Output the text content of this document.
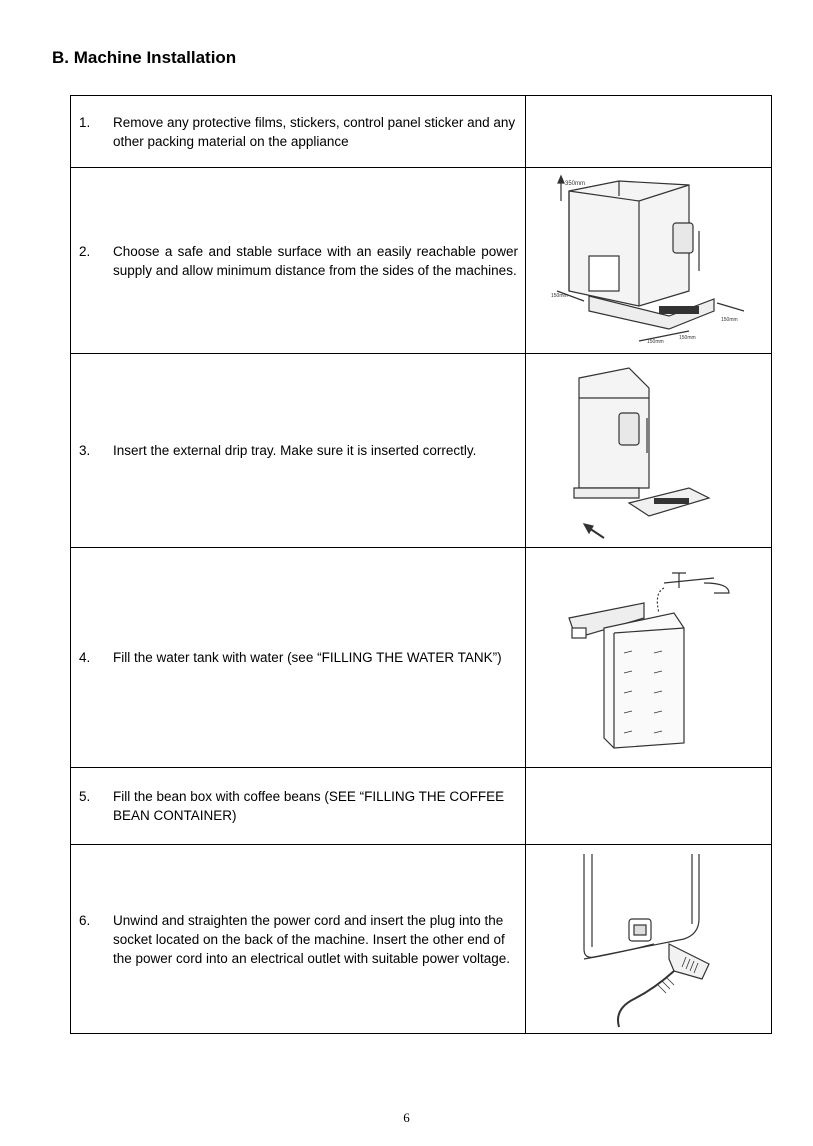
B. Machine Installation
1. Remove any protective films, stickers, control panel sticker and any other packing material on the appliance	

2. Choose a safe and stable surface with an easily reachable power supply and allow minimum distance from the sides of the machines.	350mm
150mm
150mm
150mm
150mm

3. Insert the external drip tray. Make sure it is inserted correctly.

4. Fill the water tank with water (see “FILLING THE WATER TANK”)

5. Fill the bean box with coffee beans (SEE “FILLING THE COFFEE BEAN CONTAINER)	

6. Unwind and straighten the power cord and insert the plug into the socket located on the back of the machine. Insert the other end of the power cord into an electrical outlet with suitable power voltage.

6
